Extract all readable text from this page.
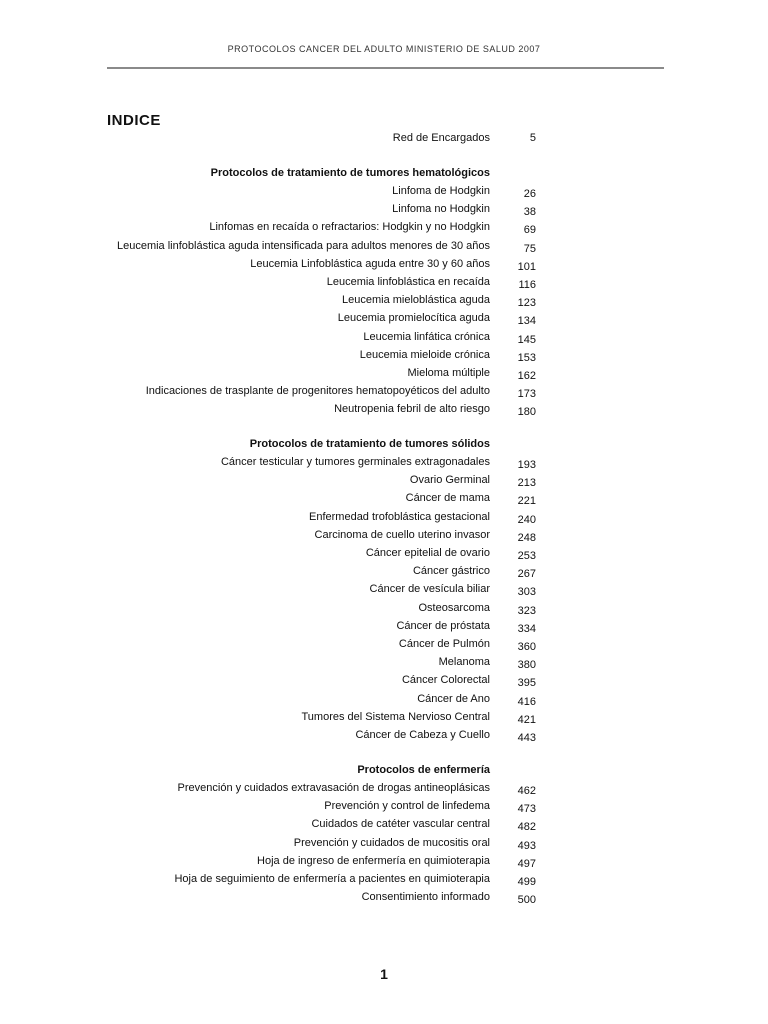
PROTOCOLOS CANCER DEL ADULTO MINISTERIO DE SALUD 2007
INDICE
Red de Encargados	5
Protocolos de tratamiento de tumores hematológicos
Linfoma de Hodgkin	26
Linfoma no Hodgkin	38
Linfomas en recaída o refractarios: Hodgkin y no Hodgkin	69
Leucemia linfoblástica aguda intensificada para adultos menores de 30 años	75
Leucemia Linfoblástica aguda entre 30 y 60 años	101
Leucemia linfoblástica en recaída	116
Leucemia mieloblástica aguda	123
Leucemia promielocítica aguda	134
Leucemia linfática crónica	145
Leucemia mieloide crónica	153
Mieloma múltiple	162
Indicaciones de trasplante de progenitores hematopoyéticos del adulto	173
Neutropenia febril de alto riesgo	180
Protocolos de tratamiento de tumores sólidos
Cáncer testicular y tumores germinales extragonadales	193
Ovario Germinal	213
Cáncer de mama	221
Enfermedad trofoblástica gestacional	240
Carcinoma de cuello uterino invasor	248
Cáncer epitelial de ovario	253
Cáncer gástrico	267
Cáncer de vesícula biliar	303
Osteosarcoma	323
Cáncer de próstata	334
Cáncer de Pulmón	360
Melanoma	380
Cáncer Colorectal	395
Cáncer de Ano	416
Tumores del Sistema Nervioso Central	421
Cáncer de Cabeza y Cuello	443
Protocolos de enfermería
Prevención y cuidados extravasación de drogas antineoplásicas	462
Prevención y control de linfedema	473
Cuidados de catéter vascular central	482
Prevención y cuidados de mucositis oral	493
Hoja de ingreso de enfermería en quimioterapia	497
Hoja de seguimiento de enfermería a pacientes en quimioterapia	499
Consentimiento informado	500
1
